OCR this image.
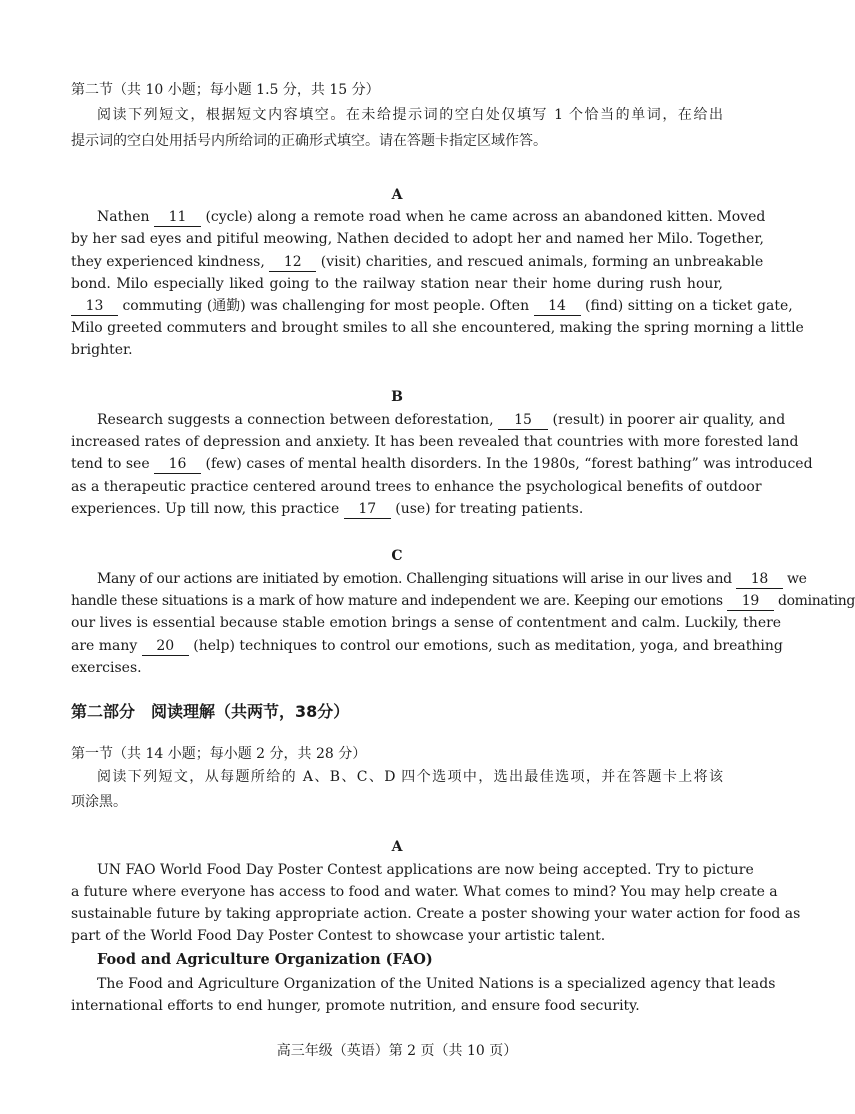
第二节（共 10 小题；每小题 1.5 分，共 15 分）
阅读下列短文，根据短文内容填空。在未给提示词的空白处仅填写 1 个恰当的单词，在给出
提示词的空白处用括号内所给词的正确形式填空。请在答题卡指定区域作答。
A
Nathen 11 (cycle) along a remote road when he came across an abandoned kitten. Moved
by her sad eyes and pitiful meowing, Nathen decided to adopt her and named her Milo. Together,
they experienced kindness, 12 (visit) charities, and rescued animals, forming an unbreakable
bond. Milo especially liked going to the railway station near their home during rush hour,
13 commuting (通勤) was challenging for most people. Often 14 (find) sitting on a ticket gate,
Milo greeted commuters and brought smiles to all she encountered, making the spring morning a little
brighter.
B
Research suggests a connection between deforestation, 15 (result) in poorer air quality, and
increased rates of depression and anxiety. It has been revealed that countries with more forested land
tend to see 16 (few) cases of mental health disorders. In the 1980s, “forest bathing” was introduced
as a therapeutic practice centered around trees to enhance the psychological benefits of outdoor
experiences. Up till now, this practice 17 (use) for treating patients.
C
Many of our actions are initiated by emotion. Challenging situations will arise in our lives and 18 we
handle these situations is a mark of how mature and independent we are. Keeping our emotions 19 dominating
our lives is essential because stable emotion brings a sense of contentment and calm. Luckily, there
are many 20 (help) techniques to control our emotions, such as meditation, yoga, and breathing
exercises.
第二部分　阅读理解（共两节，38分）
第一节（共 14 小题；每小题 2 分，共 28 分）
阅读下列短文，从每题所给的 A、B、C、D 四个选项中，选出最佳选项，并在答题卡上将该
项涂黑。
A
UN FAO World Food Day Poster Contest applications are now being accepted. Try to picture
a future where everyone has access to food and water. What comes to mind? You may help create a
sustainable future by taking appropriate action. Create a poster showing your water action for food as
part of the World Food Day Poster Contest to showcase your artistic talent.
Food and Agriculture Organization (FAO)
The Food and Agriculture Organization of the United Nations is a specialized agency that leads
international efforts to end hunger, promote nutrition, and ensure food security.
高三年级（英语）第 2 页（共 10 页）
